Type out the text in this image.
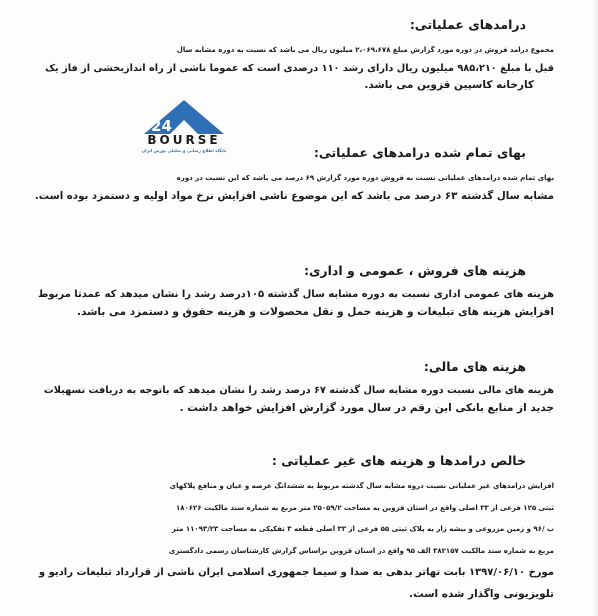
درامدهای عملیاتی:
مجموع درامد فروش در دوره مورد گزارش مبلغ ۲،۰۶۹،۶۷۸ میلیون ریال می باشد که نسبت به دوره مشابه سال
قبل با مبلغ ۹۸۵،۲۱۰ میلیون ریال دارای رشد ۱۱۰ درصدی است که عموما ناشی از راه اندازبخشی از فاز یک
کارخانه کاسپین قزوین می باشد.
24
BOURSE
پایگاه اطلاع رسانی و تحلیلی بورس ایران	بهای تمام شده درامدهای عملیاتی:
بهای تمام شده درامدهای عملیاتی نسبت به فروش دوره مورد گزارش ۶۹ درصد می باشد که این نسبت در دوره
مشابه سال گذشته ۶۳ درصد می باشد که این موضوع ناشی افزایش نرخ مواد اولیه و دستمزد بوده است.
هزینه های فروش ، عمومی و اداری:
هزینه های عمومی اداری نسبت به دوره مشابه سال گذشته ۱۰۵درصد رشد را نشان میدهد که عمدتا مربوط
افزایش هزینه های تبلیغات و هزینه حمل و نقل محصولات و هزینه حقوق و دستمزد می باشد.
هزینه های مالی:
هزینه های مالی نسبت دوره مشابه سال گذشته ۶۷ درصد رشد را نشان میدهد که باتوجه به دریافت تسهیلات
جدید از منابع بانکی این رقم در سال مورد گزارش افزایش خواهد داشت .
خالص درامدها و هزینه های غیر عملیاتی :
افزایش درامدهای غیر عملیاتی نسبت دروه مشابه سال گذشته مربوط به ششدانگ عرصه و عیان و منافع پلاکهای
ثبتی ۱۲۵ فرعی از ۳۳ اصلی واقع در استان قزوین به مساحت ۲۵۰۵۹/۲ متر مربع به شماره سند مالکیت ۱۸۰۶۲۶
ب /۹۶ و زمین مزروعی و بیشه زار به پلاک ثبتی ۵۵ فرعی از ۳۳ اصلی قطعه ۳ تفکیکی به مساحت ۱۱۰۹۳/۲۳ متر
مربع به شماره سند مالکیت ۳۸۲۱۵۷ الف ۹۵ واقع در استان قزوین براساس گزارش کارشناسان رسمی دادگستری
مورخ ۱۳۹۷/۰۶/۱۰ بابت تهاتر بدهی به صدا و سیما جمهوری اسلامی ایران ناشی از قرارداد تبلیغات رادیو و
تلویزیونی واگذار شده است.
